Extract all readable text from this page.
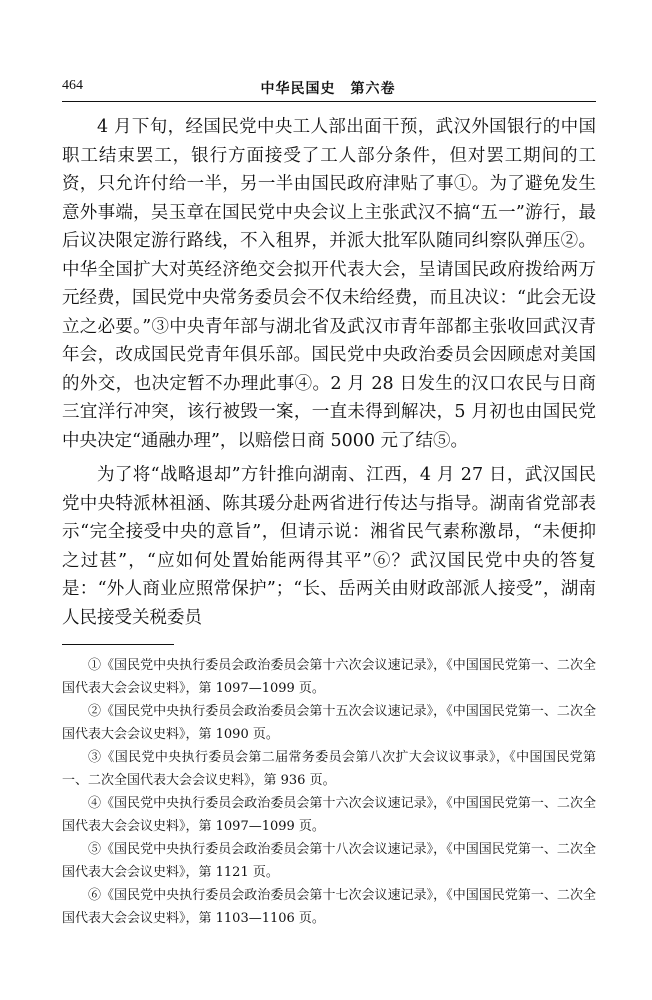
464	中华民国史　第六卷

4 月下旬，经国民党中央工人部出面干预，武汉外国银行的中国职工结束罢工，银行方面接受了工人部分条件，但对罢工期间的工资，只允许付给一半，另一半由国民政府津贴了事①。为了避免发生意外事端，吴玉章在国民党中央会议上主张武汉不搞“五一”游行，最后议决限定游行路线，不入租界，并派大批军队随同纠察队弹压②。中华全国扩大对英经济绝交会拟开代表大会，呈请国民政府拨给两万元经费，国民党中央常务委员会不仅未给经费，而且决议：“此会无设立之必要。”③中央青年部与湖北省及武汉市青年部都主张收回武汉青年会，改成国民党青年俱乐部。国民党中央政治委员会因顾虑对美国的外交，也决定暂不办理此事④。2 月 28 日发生的汉口农民与日商三宜洋行冲突，该行被毁一案，一直未得到解决，5 月初也由国民党中央决定“通融办理”，以赔偿日商 5000 元了结⑤。

为了将“战略退却”方针推向湖南、江西，4 月 27 日，武汉国民党中央特派林祖涵、陈其瑗分赴两省进行传达与指导。湖南省党部表示“完全接受中央的意旨”，但请示说：湘省民气素称激昂，“未便抑之过甚”，“应如何处置始能两得其平”⑥？武汉国民党中央的答复是：“外人商业应照常保护”；“长、岳两关由财政部派人接受”，湖南人民接受关税委员

①《国民党中央执行委员会政治委员会第十六次会议速记录》，《中国国民党第一、二次全国代表大会会议史料》，第 1097—1099 页。

②《国民党中央执行委员会政治委员会第十五次会议速记录》，《中国国民党第一、二次全国代表大会会议史料》，第 1090 页。

③《国民党中央执行委员会第二届常务委员会第八次扩大会议议事录》，《中国国民党第一、二次全国代表大会会议史料》，第 936 页。

④《国民党中央执行委员会政治委员会第十六次会议速记录》，《中国国民党第一、二次全国代表大会会议史料》，第 1097—1099 页。

⑤《国民党中央执行委员会政治委员会第十八次会议速记录》，《中国国民党第一、二次全国代表大会会议史料》，第 1121 页。

⑥《国民党中央执行委员会政治委员会第十七次会议速记录》，《中国国民党第一、二次全国代表大会会议史料》，第 1103—1106 页。
